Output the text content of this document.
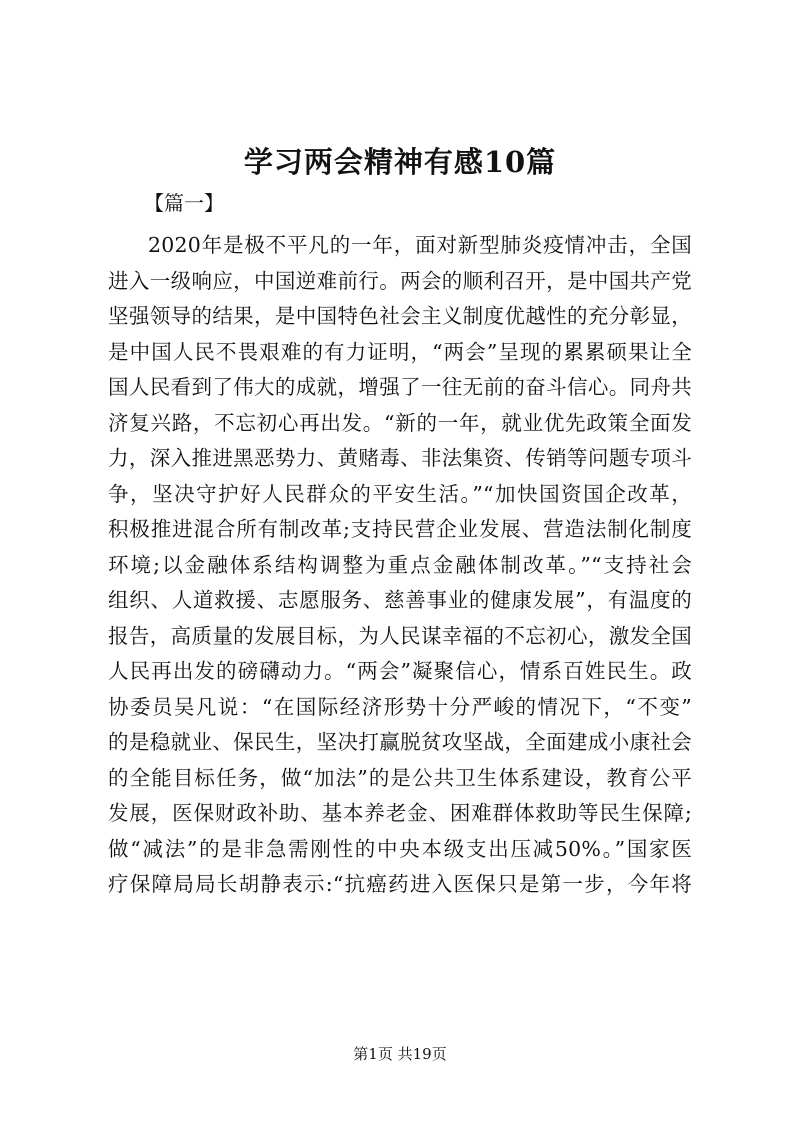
学习两会精神有感10篇
【篇一】
2020年是极不平凡的一年，面对新型肺炎疫情冲击，全国
进入一级响应，中国逆难前行。两会的顺利召开，是中国共产党
坚强领导的结果，是中国特色社会主义制度优越性的充分彰显，
是中国人民不畏艰难的有力证明，“两会”呈现的累累硕果让全
国人民看到了伟大的成就，增强了一往无前的奋斗信心。同舟共
济复兴路，不忘初心再出发。“新的一年，就业优先政策全面发
力，深入推进黑恶势力、黄赌毒、非法集资、传销等问题专项斗
争，坚决守护好人民群众的平安生活。”“加快国资国企改革，
积极推进混合所有制改革;支持民营企业发展、营造法制化制度
环境;以金融体系结构调整为重点金融体制改革。”“支持社会
组织、人道救援、志愿服务、慈善事业的健康发展”，有温度的
报告，高质量的发展目标，为人民谋幸福的不忘初心，激发全国
人民再出发的磅礴动力。“两会”凝聚信心，情系百姓民生。政
协委员吴凡说：“在国际经济形势十分严峻的情况下，“不变”
的是稳就业、保民生，坚决打赢脱贫攻坚战，全面建成小康社会
的全能目标任务，做“加法”的是公共卫生体系建设，教育公平
发展，医保财政补助、基本养老金、困难群体救助等民生保障;
做“减法”的是非急需刚性的中央本级支出压减50%。”国家医
疗保障局局长胡静表示:“抗癌药进入医保只是第一步，今年将
第1页 共19页
